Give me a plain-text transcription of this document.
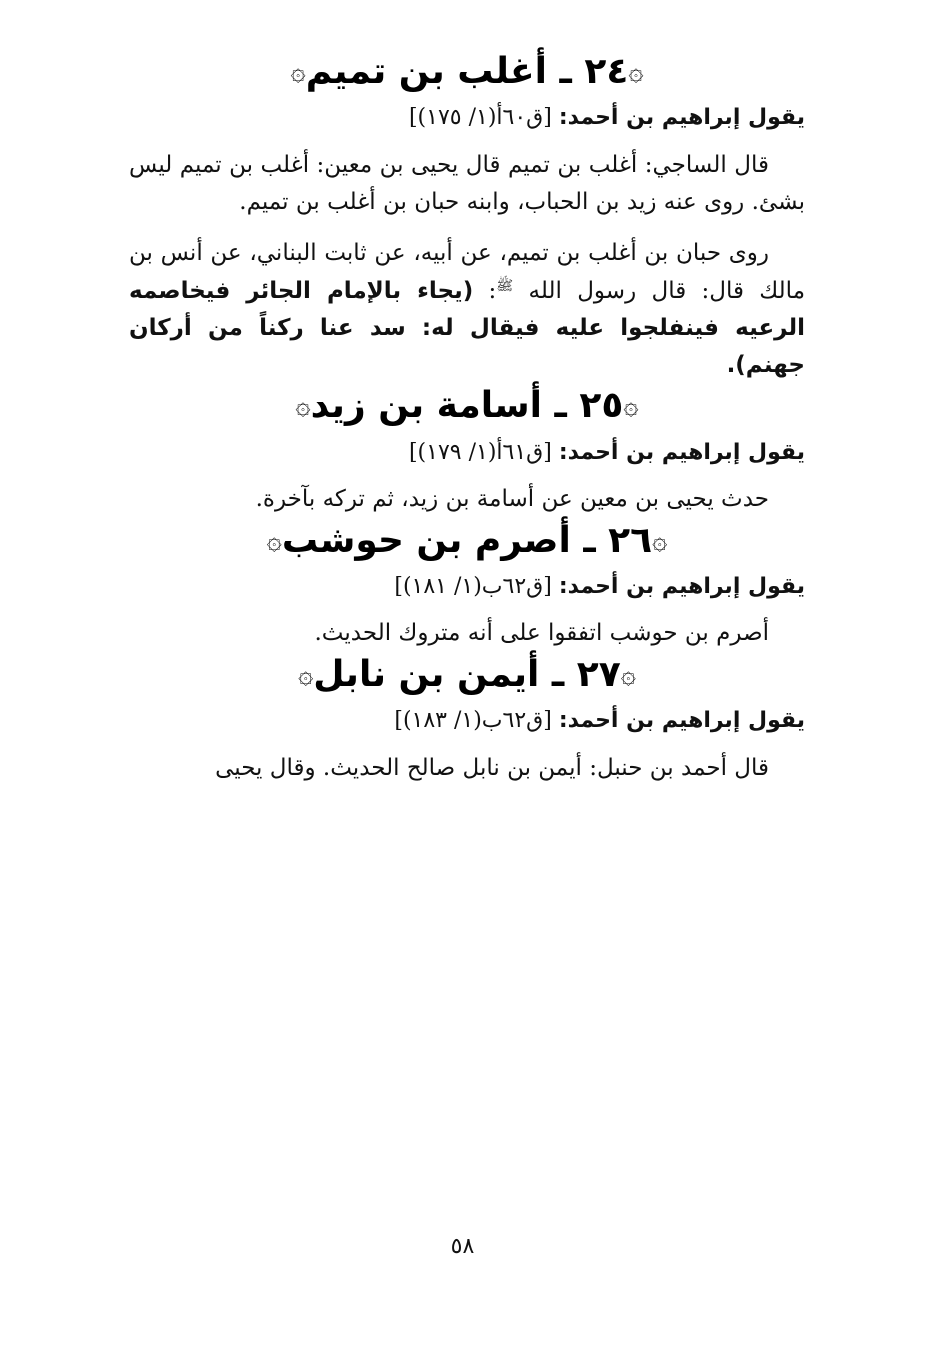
۞٢٤ ـ أغلب بن تميم۞
يقول إبراهيم بن أحمد: [ق٦٠أ(١/ ١٧٥)]

قال الساجي: أغلب بن تميم قال يحيى بن معين: أغلب بن تميم ليس بشئ. روى عنه زيد بن الحباب، وابنه حبان بن أغلب بن تميم.

روى حبان بن أغلب بن تميم، عن أبيه، عن ثابت البناني، عن أنس بن مالك قال: قال رسول الله $^ﷺ$: (يجاء بالإمام الجائر فيخاصمه الرعيه فينفلجوا عليه فيقال له: سد عنا ركناً من أركان جهنم).

۞٢٥ ـ أسامة بن زيد۞
يقول إبراهيم بن أحمد: [ق٦١أ(١/ ١٧٩)]

حدث يحيى بن معين عن أسامة بن زيد، ثم تركه بآخرة.

۞٢٦ ـ أصرم بن حوشب۞
يقول إبراهيم بن أحمد: [ق٦٢ب(١/ ١٨١)]

أصرم بن حوشب اتفقوا على أنه متروك الحديث.

۞٢٧ ـ أيمن بن نابل۞
يقول إبراهيم بن أحمد: [ق٦٢ب(١/ ١٨٣)]

قال أحمد بن حنبل: أيمن بن نابل صالح الحديث. وقال يحيى

٥٨
